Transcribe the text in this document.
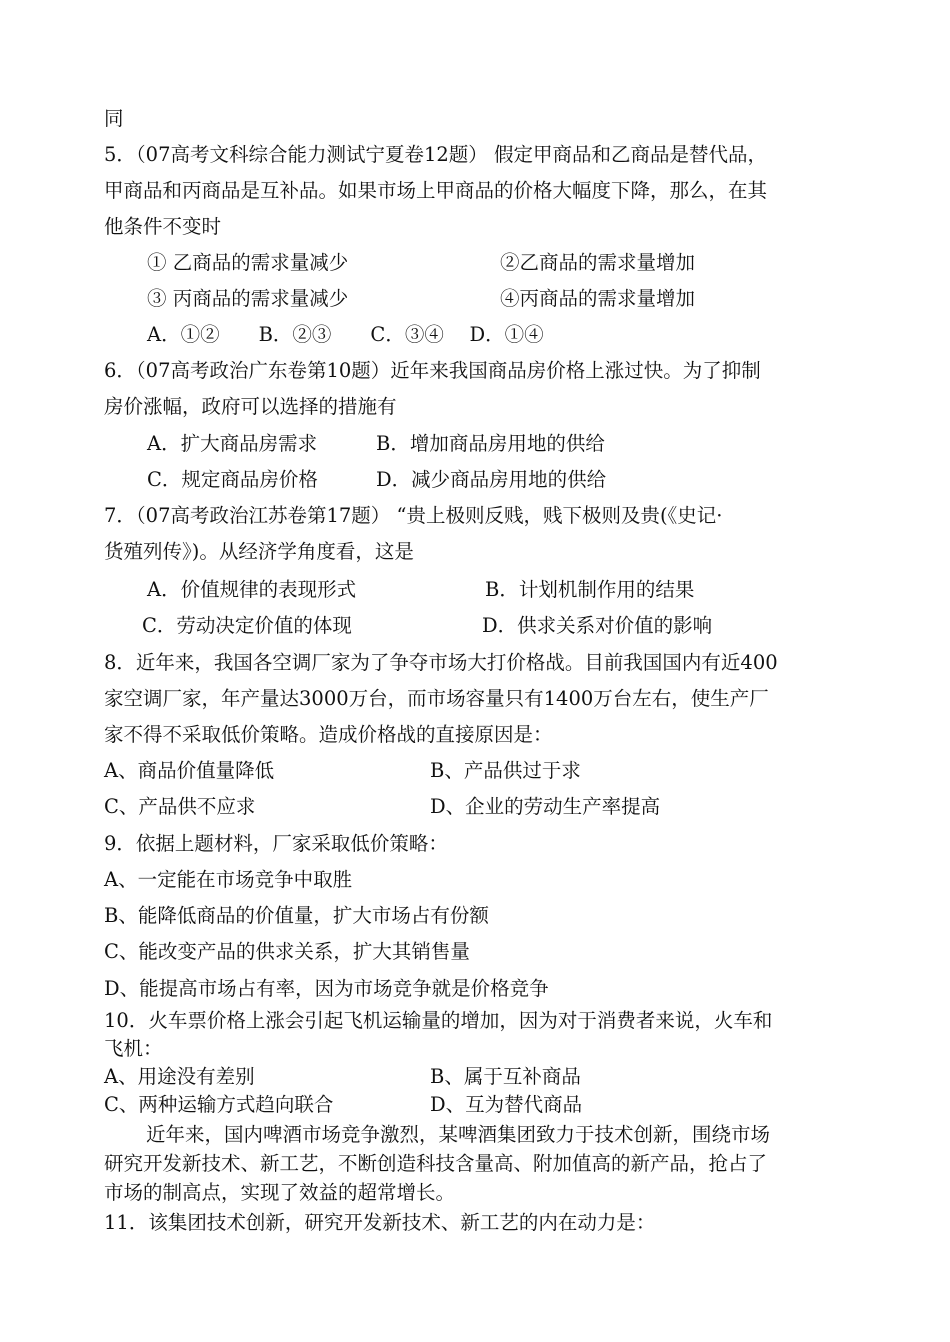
同
5．（07高考文科综合能力测试宁夏卷12题） 假定甲商品和乙商品是替代品，
甲商品和丙商品是互补品。如果市场上甲商品的价格大幅度下降，那么，在其
他条件不变时
① 乙商品的需求量减少	②乙商品的需求量增加
③ 丙商品的需求量减少	④丙商品的需求量增加
A．①②　　B．②③　　C．③④　 D．①④
6．（07高考政治广东卷第10题）近年来我国商品房价格上涨过快。为了抑制
房价涨幅，政府可以选择的措施有
A．扩大商品房需求	B．增加商品房用地的供给
C．规定商品房价格	D．减少商品房用地的供给
7．（07高考政治江苏卷第17题） “贵上极则反贱，贱下极则及贵(《史记·
货殖列传》)。从经济学角度看，这是
A．价值规律的表现形式	B．计划机制作用的结果
C．劳动决定价值的体现	D．供求关系对价值的影响
8．近年来，我国各空调厂家为了争夺市场大打价格战。目前我国国内有近400
家空调厂家，年产量达3000万台，而市场容量只有1400万台左右，使生产厂
家不得不采取低价策略。造成价格战的直接原因是：
A、商品价值量降低	B、产品供过于求
C、产品供不应求	D、企业的劳动生产率提高
9．依据上题材料，厂家采取低价策略：
A、一定能在市场竞争中取胜
B、能降低商品的价值量，扩大市场占有份额
C、能改变产品的供求关系，扩大其销售量
D、能提高市场占有率，因为市场竞争就是价格竞争
10．火车票价格上涨会引起飞机运输量的增加，因为对于消费者来说，火车和
飞机：
A、用途没有差别	B、属于互补商品
C、两种运输方式趋向联合	D、互为替代商品
近年来，国内啤酒市场竞争激烈，某啤酒集团致力于技术创新，围绕市场
研究开发新技术、新工艺，不断创造科技含量高、附加值高的新产品，抢占了
市场的制高点，实现了效益的超常增长。
11．该集团技术创新，研究开发新技术、新工艺的内在动力是：
